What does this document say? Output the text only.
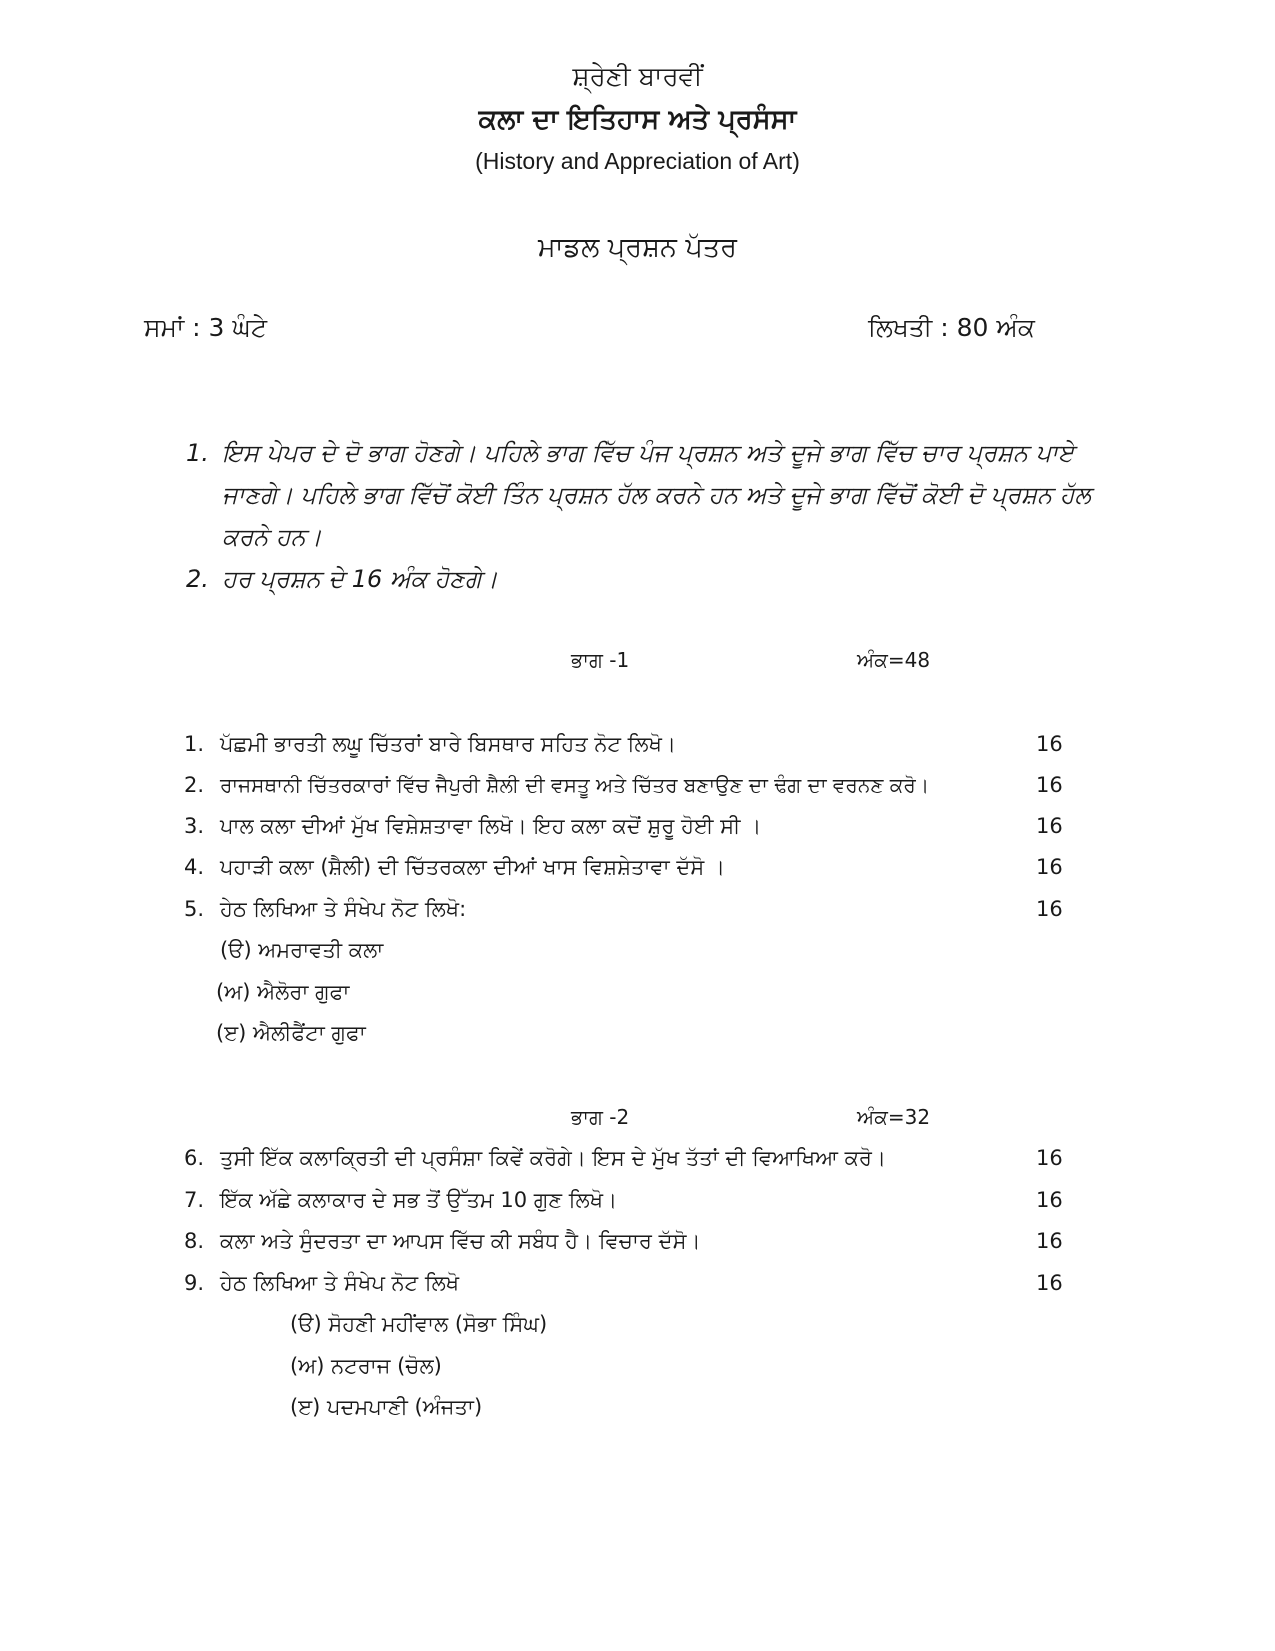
ਸ਼੍ਰੇਣੀ ਬਾਰਵੀਂ
ਕਲਾ ਦਾ ਇਤਿਹਾਸ ਅਤੇ ਪ੍ਰਸੰਸਾ
(History and Appreciation of Art)
ਮਾਡਲ ਪ੍ਰਸ਼ਨ ਪੱਤਰ
ਸਮਾਂ : 3 ਘੰਟੇ	ਲਿਖਤੀ : 80 ਅੰਕ
1. ਇਸ ਪੇਪਰ ਦੇ ਦੋ ਭਾਗ ਹੋਣਗੇ। ਪਹਿਲੇ ਭਾਗ ਵਿੱਚ ਪੰਜ ਪ੍ਰਸ਼ਨ ਅਤੇ ਦੂਜੇ ਭਾਗ ਵਿੱਚ ਚਾਰ ਪ੍ਰਸ਼ਨ ਪਾਏ ਜਾਣਗੇ। ਪਹਿਲੇ ਭਾਗ ਵਿੱਚੋਂ ਕੋਈ ਤਿੰਨ ਪ੍ਰਸ਼ਨ ਹੱਲ ਕਰਨੇ ਹਨ ਅਤੇ ਦੂਜੇ ਭਾਗ ਵਿੱਚੋਂ ਕੋਈ ਦੋ ਪ੍ਰਸ਼ਨ ਹੱਲ ਕਰਨੇ ਹਨ।
2. ਹਰ ਪ੍ਰਸ਼ਨ ਦੇ 16 ਅੰਕ ਹੋਣਗੇ।
ਭਾਗ -1	ਅੰਕ=48
1. ਪੱਛਮੀ ਭਾਰਤੀ ਲਘੂ ਚਿੱਤਰਾਂ ਬਾਰੇ ਬਿਸਥਾਰ ਸਹਿਤ ਨੋਟ ਲਿਖੋ।	16
2. ਰਾਜਸਥਾਨੀ ਚਿੱਤਰਕਾਰਾਂ ਵਿੱਚ ਜੈਪੁਰੀ ਸ਼ੈਲੀ ਦੀ ਵਸਤੂ ਅਤੇ ਚਿੱਤਰ ਬਣਾਉਣ ਦਾ ਢੰਗ ਦਾ ਵਰਨਣ ਕਰੋ।	16
3. ਪਾਲ ਕਲਾ ਦੀਆਂ ਮੁੱਖ ਵਿਸ਼ੇਸ਼ਤਾਵਾ ਲਿਖੋ। ਇਹ ਕਲਾ ਕਦੋਂ ਸ਼ੁਰੂ ਹੋਈ ਸੀ ।	16
4. ਪਹਾੜੀ ਕਲਾ (ਸ਼ੈਲੀ) ਦੀ ਚਿੱਤਰਕਲਾ ਦੀਆਂ ਖਾਸ ਵਿਸ਼ਸ਼ੇਤਾਵਾ ਦੱਸੋ ।	16
5. ਹੇਠ ਲਿਖਿਆ ਤੇ ਸੰਖੇਪ ਨੋਟ ਲਿਖੋ:	16
(ੳ) ਅਮਰਾਵਤੀ ਕਲਾ
(ਅ) ਐਲੋਰਾ ਗੁਫਾ
(ੲ) ਐਲੀਫੈਂਟਾ ਗੁਫਾ
ਭਾਗ -2	ਅੰਕ=32
6. ਤੁਸੀ ਇੱਕ ਕਲਾਕ੍ਰਿਤੀ ਦੀ ਪ੍ਰਸੰਸ਼ਾ ਕਿਵੇਂ ਕਰੋਗੇ। ਇਸ ਦੇ ਮੁੱਖ ਤੱਤਾਂ ਦੀ ਵਿਆਖਿਆ ਕਰੋ।	16
7. ਇੱਕ ਅੱਛੇ ਕਲਾਕਾਰ ਦੇ ਸਭ ਤੋਂ ਉੱਤਮ 10 ਗੁਣ ਲਿਖੋ।	16
8. ਕਲਾ ਅਤੇ ਸੁੰਦਰਤਾ ਦਾ ਆਪਸ ਵਿੱਚ ਕੀ ਸਬੰਧ ਹੈ। ਵਿਚਾਰ ਦੱਸੋ।	16
9. ਹੇਠ ਲਿਖਿਆ ਤੇ ਸੰਖੇਪ ਨੋਟ ਲਿਖੋ	16
(ੳ) ਸੋਹਣੀ ਮਹੀਂਵਾਲ (ਸੋਭਾ ਸਿੰਘ)
(ਅ) ਨਟਰਾਜ (ਚੋਲ)
(ੲ) ਪਦਮਪਾਣੀ (ਅੰਜਤਾ)
